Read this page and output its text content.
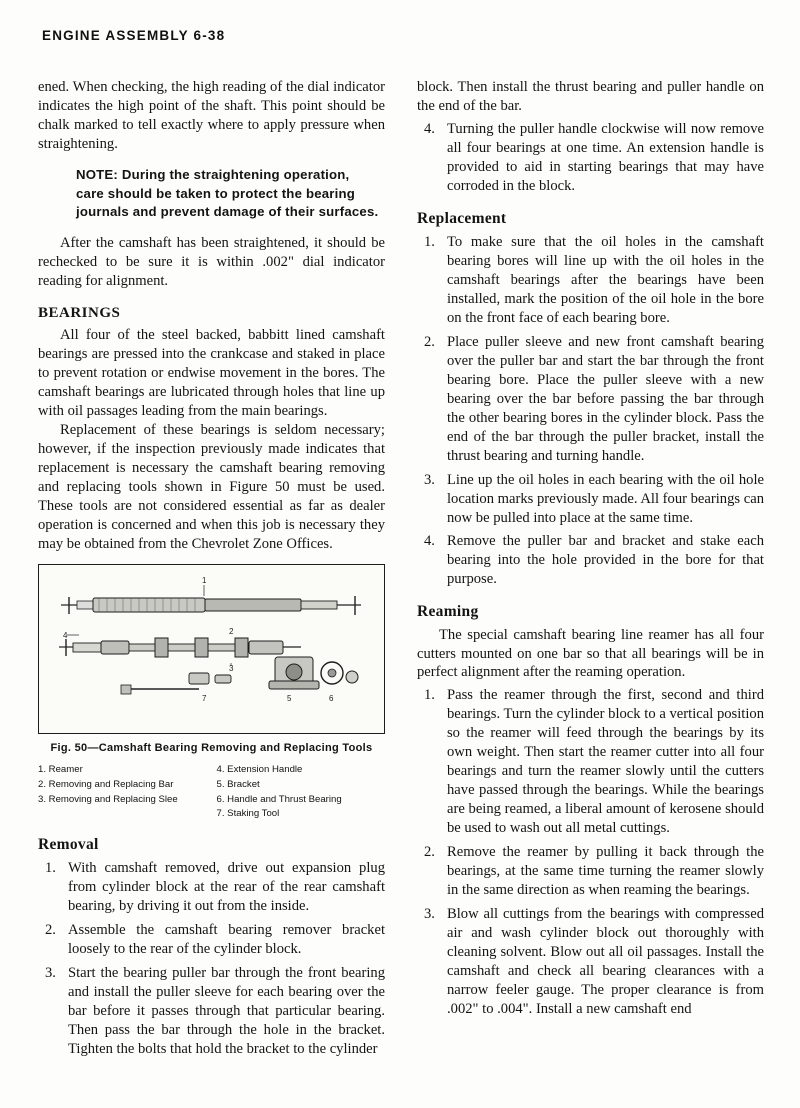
ENGINE ASSEMBLY 6-38

ened. When checking, the high reading of the dial indicator indicates the high point of the shaft. This point should be chalk marked to tell exactly where to apply pressure when straightening.

NOTE: During the straightening operation, care should be taken to protect the bearing journals and prevent damage of their surfaces.

After the camshaft has been straightened, it should be rechecked to be sure it is within .002" dial indicator reading for alignment.

BEARINGS

All four of the steel backed, babbitt lined camshaft bearings are pressed into the crankcase and staked in place to prevent rotation or endwise movement in the bores. The camshaft bearings are lubricated through holes that line up with oil passages leading from the main bearings.

Replacement of these bearings is seldom necessary; however, if the inspection previously made indicates that replacement is necessary the camshaft bearing removing and replacing tools shown in Figure 50 must be used. These tools are not considered essential as far as dealer operation is concerned and when this job is necessary they may be obtained from the Chevrolet Zone Offices.

1
4	2
3
7	5	6
Fig. 50—Camshaft Bearing Removing and Replacing Tools
1. Reamer
2. Removing and Replacing Bar
3. Removing and Replacing Slee
4. Extension Handle
5. Bracket
6. Handle and Thrust Bearing
7. Staking Tool
Removal
With camshaft removed, drive out expansion plug from cylinder block at the rear of the rear camshaft bearing, by driving it out from the inside.
Assemble the camshaft bearing remover bracket loosely to the rear of the cylinder block.
Start the bearing puller bar through the front bearing and install the puller sleeve for each bearing over the bar before it passes through that particular bearing. Then pass the bar through the hole in the bracket. Tighten the bolts that hold the bracket to the cylinder

block. Then install the thrust bearing and puller handle on the end of the bar.

Turning the puller handle clockwise will now remove all four bearings at one time. An extension handle is provided to aid in starting bearings that may have corroded in the block.
Replacement
To make sure that the oil holes in the camshaft bearing bores will line up with the oil holes in the camshaft bearings after the bearings have been installed, mark the position of the oil hole in the bore on the front face of each bearing bore.
Place puller sleeve and new front camshaft bearing over the puller bar and start the bar through the front bearing bore. Place the puller sleeve with a new bearing over the bar before passing the bar through the other bearing bores in the cylinder block. Pass the end of the bar through the puller bracket, install the thrust bearing and turning handle.
Line up the oil holes in each bearing with the oil hole location marks previously made. All four bearings can now be pulled into place at the same time.
Remove the puller bar and bracket and stake each bearing into the hole provided in the bore for that purpose.
Reaming

The special camshaft bearing line reamer has all four cutters mounted on one bar so that all bearings will be in perfect alignment after the reaming operation.

Pass the reamer through the first, second and third bearings. Turn the cylinder block to a vertical position so the reamer will feed through the bearings by its own weight. Then start the reamer cutter into all four bearings and turn the reamer slowly until the cutters have passed through the bearings. While the bearings are being reamed, a liberal amount of kerosene should be used to wash out all metal cuttings.
Remove the reamer by pulling it back through the bearings, at the same time turning the reamer slowly in the same direction as when reaming the bearings.
Blow all cuttings from the bearings with compressed air and wash cylinder block out thoroughly with cleaning solvent. Blow out all oil passages. Install the camshaft and check all bearing clearances with a narrow feeler gauge. The proper clearance is from .002" to .004". Install a new camshaft end
